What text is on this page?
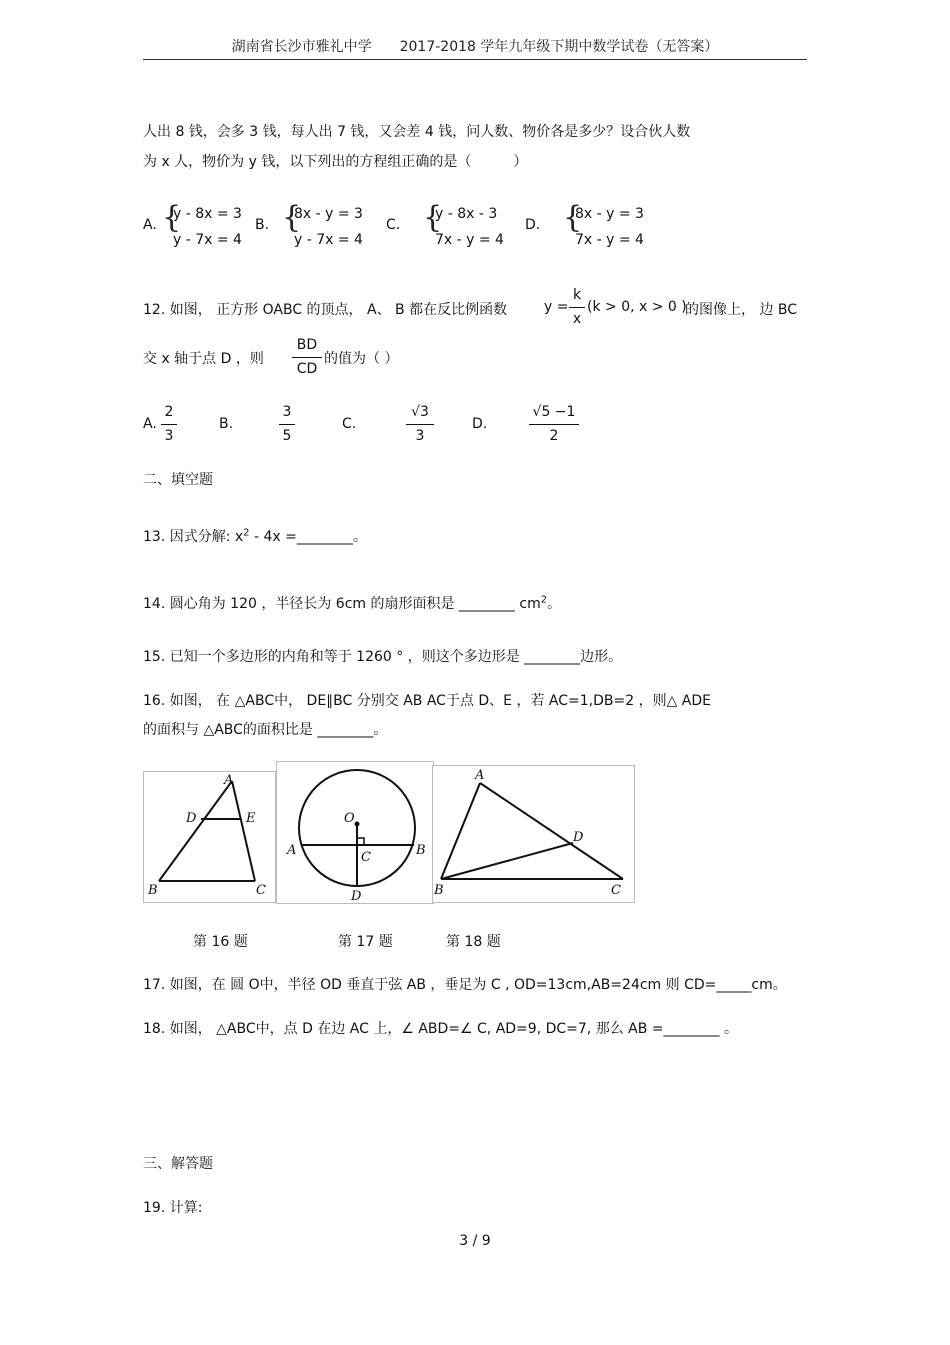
湖南省长沙市雅礼中学　　2017-2018 学年九年级下期中数学试卷（无答案）
人出 8 钱，会多 3 钱，每人出 7 钱，又会差 4 钱，问人数、物价各是多少？设合伙人数
为 x 人，物价为 y 钱，以下列出的方程组正确的是（　　　）
A. {
y - 8x = 3
y - 7x = 4
B. {
8x - y = 3
y - 7x = 4
C. {
y - 8x - 3
7x - y = 4
D. {
8x - y = 3
7x - y = 4
12. 如图， 正方形 OABC 的顶点， A、 B 都在反比例函数	y =
k
x
(k > 0, x > 0 )
的图像上， 边 BC
交 x 轴于点 D ，则
BD
CD
的值为（ ）
A.
2
3
B.
3
5
C.
√3
3
D.
√5 −1
2
二、填空题
13. 因式分解: $x^2 - 4x$ =________。
14. 圆心角为 120 ，半径长为 6cm 的扇形面积是 ________ $cm^2$。
15. 已知一个多边形的内角和等于 1260 ° ，则这个多边形是 ________边形。
16. 如图， 在 △ABC中， DE∥BC 分别交 AB AC于点 D、E ，若 AC=1,DB=2 ，则△ ADE
的面积与 △ABC的面积比是 ________。
A
D	E
B	C
O
A	B
C
D
A
D
B	C
第 16 题	第 17 题	第 18 题
17. 如图，在 圆 O中，半径 OD 垂直于弦 AB ，垂足为 C , OD=13cm,AB=24cm 则 CD=_____cm。
18. 如图， △ABC中，点 D 在边 AC 上，∠ ABD=∠ C, AD=9, DC=7, 那么 AB =________ 。
三、解答题
19. 计算:
3 / 9
